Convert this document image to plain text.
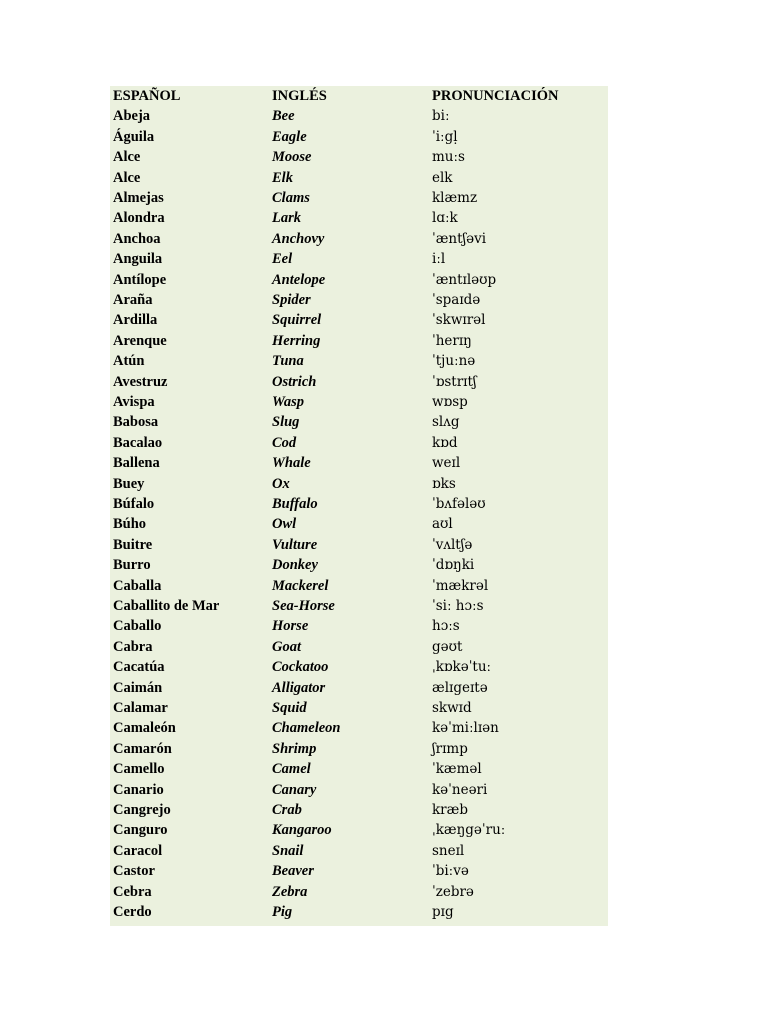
ESPAÑOL	INGLÉS	PRONUNCIACIÓN
Abeja	Bee	biː
Águila	Eagle	ˈiːgḷ
Alce	Moose	muːs
Alce	Elk	elk
Almejas	Clams	klæmz
Alondra	Lark	lɑːk
Anchoa	Anchovy	ˈæntʃəvi
Anguila	Eel	iːl
Antílope	Antelope	ˈæntɪləʊp
Araña	Spider	ˈspaɪdə
Ardilla	Squirrel	ˈskwɪrəl
Arenque	Herring	ˈherɪŋ
Atún	Tuna	ˈtjuːnə
Avestruz	Ostrich	ˈɒstrɪtʃ
Avispa	Wasp	wɒsp
Babosa	Slug	slʌg
Bacalao	Cod	kɒd
Ballena	Whale	weɪl
Buey	Ox	ɒks
Búfalo	Buffalo	ˈbʌfələʊ
Búho	Owl	aʊl
Buitre	Vulture	ˈvʌltʃə
Burro	Donkey	ˈdɒŋki
Caballa	Mackerel	ˈmækrəl
Caballito de Mar	Sea-Horse	ˈsiː hɔːs
Caballo	Horse	hɔːs
Cabra	Goat	gəʊt
Cacatúa	Cockatoo	ˌkɒkəˈtuː
Caimán	Alligator	ælɪgeɪtə
Calamar	Squid	skwɪd
Camaleón	Chameleon	kəˈmiːlɪən
Camarón	Shrimp	ʃrɪmp
Camello	Camel	ˈkæməl
Canario	Canary	kəˈneəri
Cangrejo	Crab	kræb
Canguro	Kangaroo	ˌkæŋgəˈruː
Caracol	Snail	sneɪl
Castor	Beaver	ˈbiːvə
Cebra	Zebra	ˈzebrə
Cerdo	Pig	pɪg
